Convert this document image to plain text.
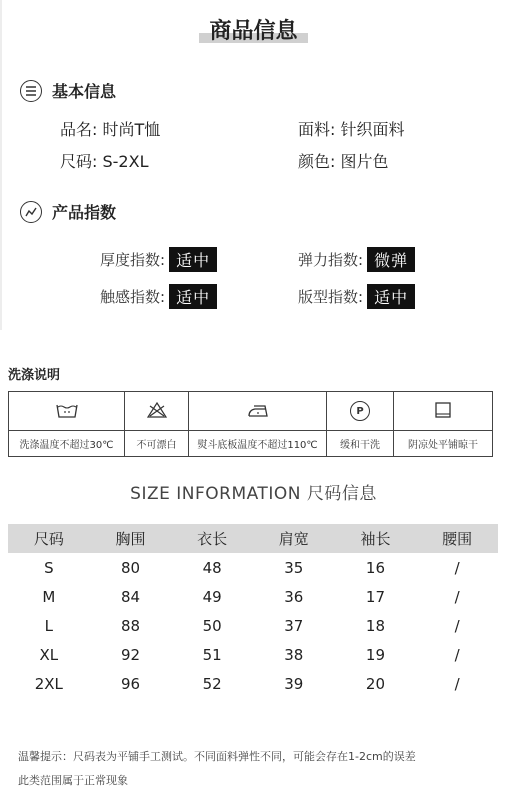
商品信息
基本信息
品名: 时尚T恤	面料: 针织面料
尺码: S-2XL	颜色: 图片色
产品指数
厚度指数: 适中	弹力指数: 微弹
触感指数: 适中	版型指数: 适中
洗涤说明

P

洗涤温度不超过30℃	不可漂白	熨斗底板温度不超过110℃	缓和干洗	阴凉处平铺晾干
SIZE INFORMATION 尺码信息
尺码	胸围	衣长	肩宽	袖长	腰围
S	80	48	35	16	/
M	84	49	36	17	/
L	88	50	37	18	/
XL	92	51	38	19	/
2XL	96	52	39	20	/
温馨提示：尺码表为平铺手工测试。不同面料弹性不同，可能会存在1-2cm的误差
此类范围属于正常现象
